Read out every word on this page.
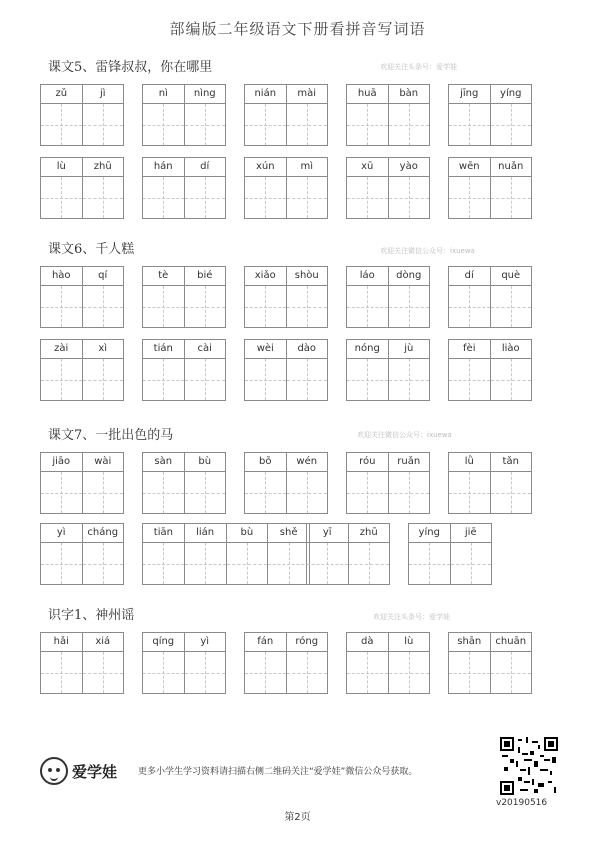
部编版二年级语文下册看拼音写词语
课文5、雷锋叔叔，你在哪里	欢迎关注头条号：爱学娃
zǔ	jì	nì	nìng	nián	mài	huā	bàn	jīng	yíng
lù	zhū	hán	dí	xún	mì	xū	yào	wēn	nuǎn
课文6、千人糕	欢迎关注微信公众号：ixuewa
hào	qí	tè	bié	xiǎo	shòu	láo	dòng	dí	què
zài	xì	tián	cài	wèi	dào	nóng	jù	fèi	liào
课文7、一批出色的马	欢迎关注微信公众号：ixuewa
jiāo	wài	sàn	bù	bō	wén	róu	ruǎn	lǜ	tǎn
yì	cháng	tiān	lián	bù	shě	yī	zhū	yíng	jiē
识字1、神州谣	欢迎关注头条号：爱学娃
hǎi	xiá	qíng	yì	fán	róng	dà	lù	shān	chuān
爱学娃 更多小学生学习资料请扫描右侧二维码关注“爱学娃”微信公众号获取。
v20190516
第2页
